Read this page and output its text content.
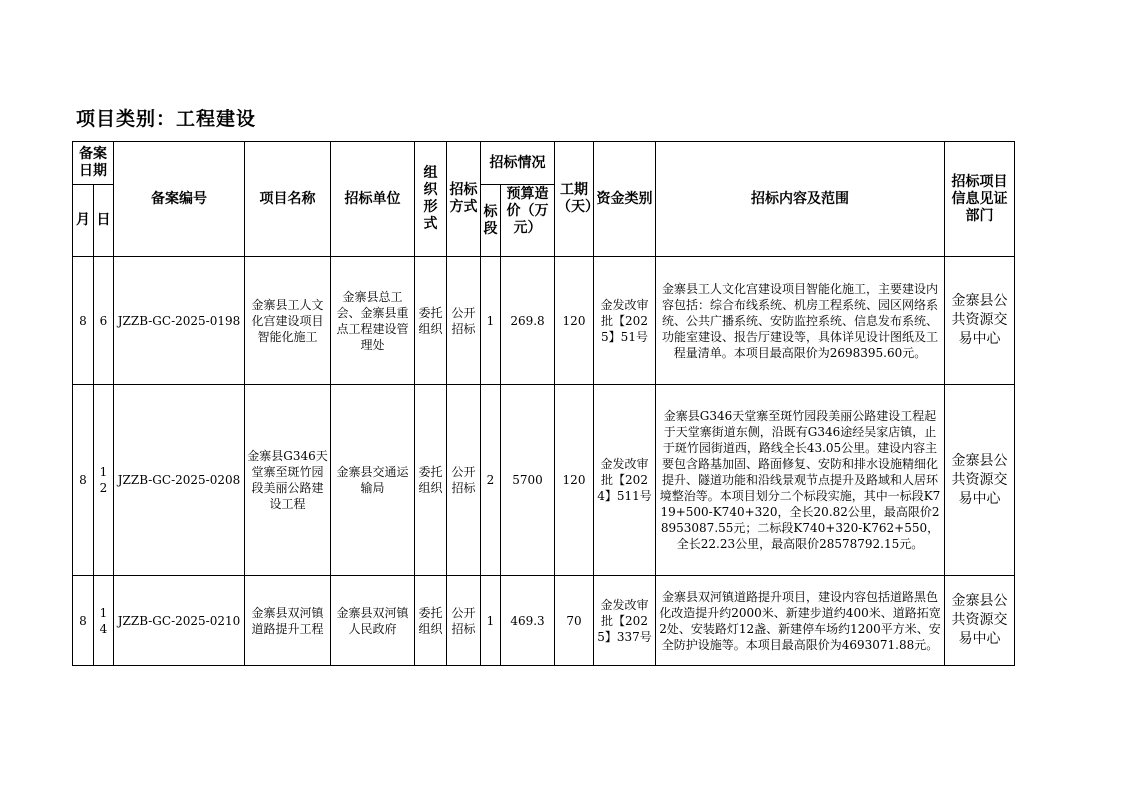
项目类别：工程建设
备案日期		备案编号	项目名称	招标单位	组织形式	招标方式	招标情况		工期（天）	资金类别	招标内容及范围	招标项目信息见证部门
月	日						标段	预算造价（万元）				

8	6	JZZB-GC-2025-0198	金寨县工人文化宫建设项目智能化施工	金寨县总工会、金寨县重点工程建设管理处	委托组织	公开招标	1	269.8	120	金发改审批【2025】51号	金寨县工人文化宫建设项目智能化施工，主要建设内容包括：综合布线系统、机房工程系统、园区网络系统、公共广播系统、安防监控系统、信息发布系统、功能室建设、报告厅建设等，具体详见设计图纸及工程量清单。本项目最高限价为2698395.60元。	金寨县公共资源交易中心
8	12	JZZB-GC-2025-0208	金寨县G346天堂寨至斑竹园段美丽公路建设工程	金寨县交通运输局	委托组织	公开招标	2	5700	120	金发改审批【2024】511号	金寨县G346天堂寨至斑竹园段美丽公路建设工程起于天堂寨街道东侧，沿既有G346途经吴家店镇，止于斑竹园街道西，路线全长43.05公里。建设内容主要包含路基加固、路面修复、安防和排水设施精细化提升、隧道功能和沿线景观节点提升及路域和人居环境整治等。本项目划分二个标段实施，其中一标段K719+500-K740+320，全长20.82公里，最高限价28953087.55元；二标段K740+320-K762+550，全长22.23公里，最高限价28578792.15元。	金寨县公共资源交易中心
8	14	JZZB-GC-2025-0210	金寨县双河镇道路提升工程	金寨县双河镇人民政府	委托组织	公开招标	1	469.3	70	金发改审批【2025】337号	金寨县双河镇道路提升项目，建设内容包括道路黑色化改造提升约2000米、新建步道约400米、道路拓宽2处、安装路灯12盏、新建停车场约1200平方米、安全防护设施等。本项目最高限价为4693071.88元。	金寨县公共资源交易中心
